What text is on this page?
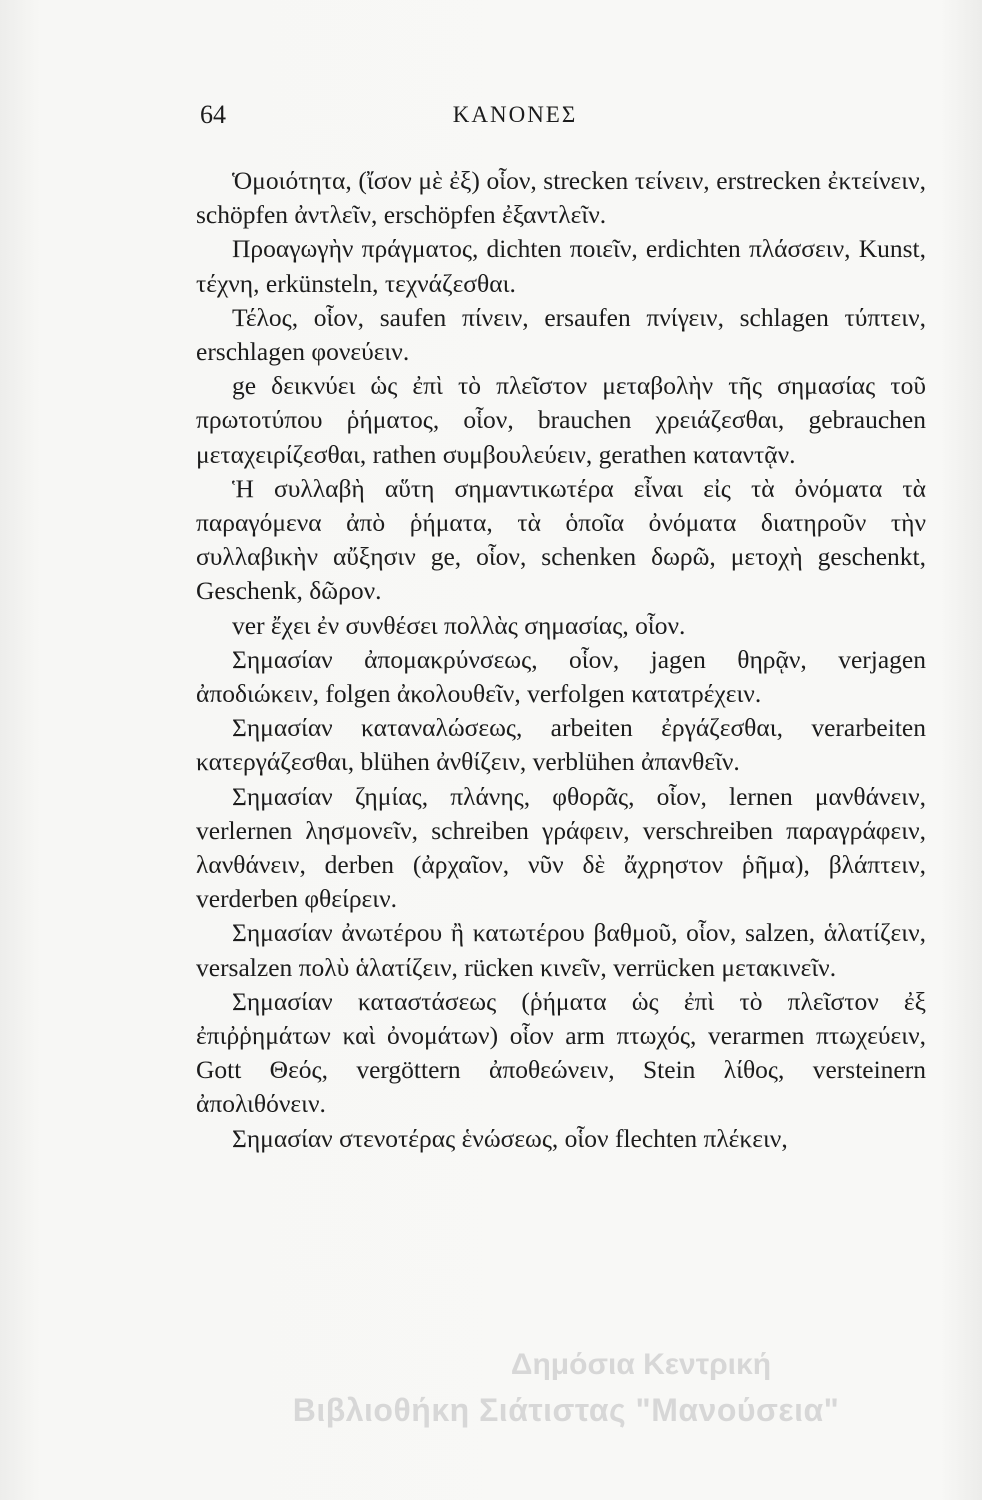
64	ΚΑΝΟΝΕΣ

Ὁμοιότητα, (ἴσον μὲ ἐξ) οἷον, strecken τείνειν, erstrecken ἐκτείνειν, schöpfen ἀντλεῖν, erschöpfen ἐξαντλεῖν.

Προαγωγὴν πράγματος, dichten ποιεῖν, erdichten πλάσσειν, Kunst, τέχνη, erkünsteln, τεχνάζεσθαι.

Τέλος, οἷον, saufen πίνειν, ersaufen πνίγειν, schlagen τύπτειν, erschlagen φονεύειν.

ge δεικνύει ὡς ἐπὶ τὸ πλεῖστον μεταβολὴν τῆς σημασίας τοῦ πρωτοτύπου ῥήματος, οἷον, brauchen χρειάζεσθαι, gebrauchen μεταχειρίζεσθαι, rathen συμβουλεύειν, gerathen καταντᾷν.

Ἡ συλλαβὴ αὕτη σημαντικωτέρα εἶναι εἰς τὰ ὀνόματα τὰ παραγόμενα ἀπὸ ῥήματα, τὰ ὁποῖα ὀνόματα διατηροῦν τὴν συλλαβικὴν αὔξησιν ge, οἷον, schenken δωρῶ, μετοχὴ geschenkt, Geschenk, δῶρον.

ver ἔχει ἐν συνθέσει πολλὰς σημασίας, οἷον.

Σημασίαν ἀπομακρύνσεως, οἷον, jagen θηρᾷν, verjagen ἀποδιώκειν, folgen ἀκολουθεῖν, verfolgen κατατρέχειν.

Σημασίαν καταναλώσεως, arbeiten ἐργάζεσθαι, verarbeiten κατεργάζεσθαι, blühen ἀνθίζειν, verblühen ἀπανθεῖν.

Σημασίαν ζημίας, πλάνης, φθορᾶς, οἷον, lernen μανθάνειν, verlernen λησμονεῖν, schreiben γράφειν, verschreiben παραγράφειν, λανθάνειν, derben (ἀρχαῖον, νῦν δὲ ἄχρηστον ῥῆμα), βλάπτειν, verderben φθείρειν.

Σημασίαν ἀνωτέρου ἢ κατωτέρου βαθμοῦ, οἷον, salzen, ἁλατίζειν, versalzen πολὺ ἁλατίζειν, rücken κινεῖν, verrücken μετακινεῖν.

Σημασίαν καταστάσεως (ῥήματα ὡς ἐπὶ τὸ πλεῖστον ἐξ ἐπιῤῥημάτων καὶ ὀνομάτων) οἷον arm πτωχός, verarmen πτωχεύειν, Gott Θεός, vergöttern ἀποθεώνειν, Stein λίθος, versteinern ἀπολιθόνειν.

Σημασίαν στενοτέρας ἑνώσεως, οἷον flechten πλέκειν,

Δημόσια Κεντρική
Βιβλιοθήκη Σιάτιστας "Μανούσεια"
